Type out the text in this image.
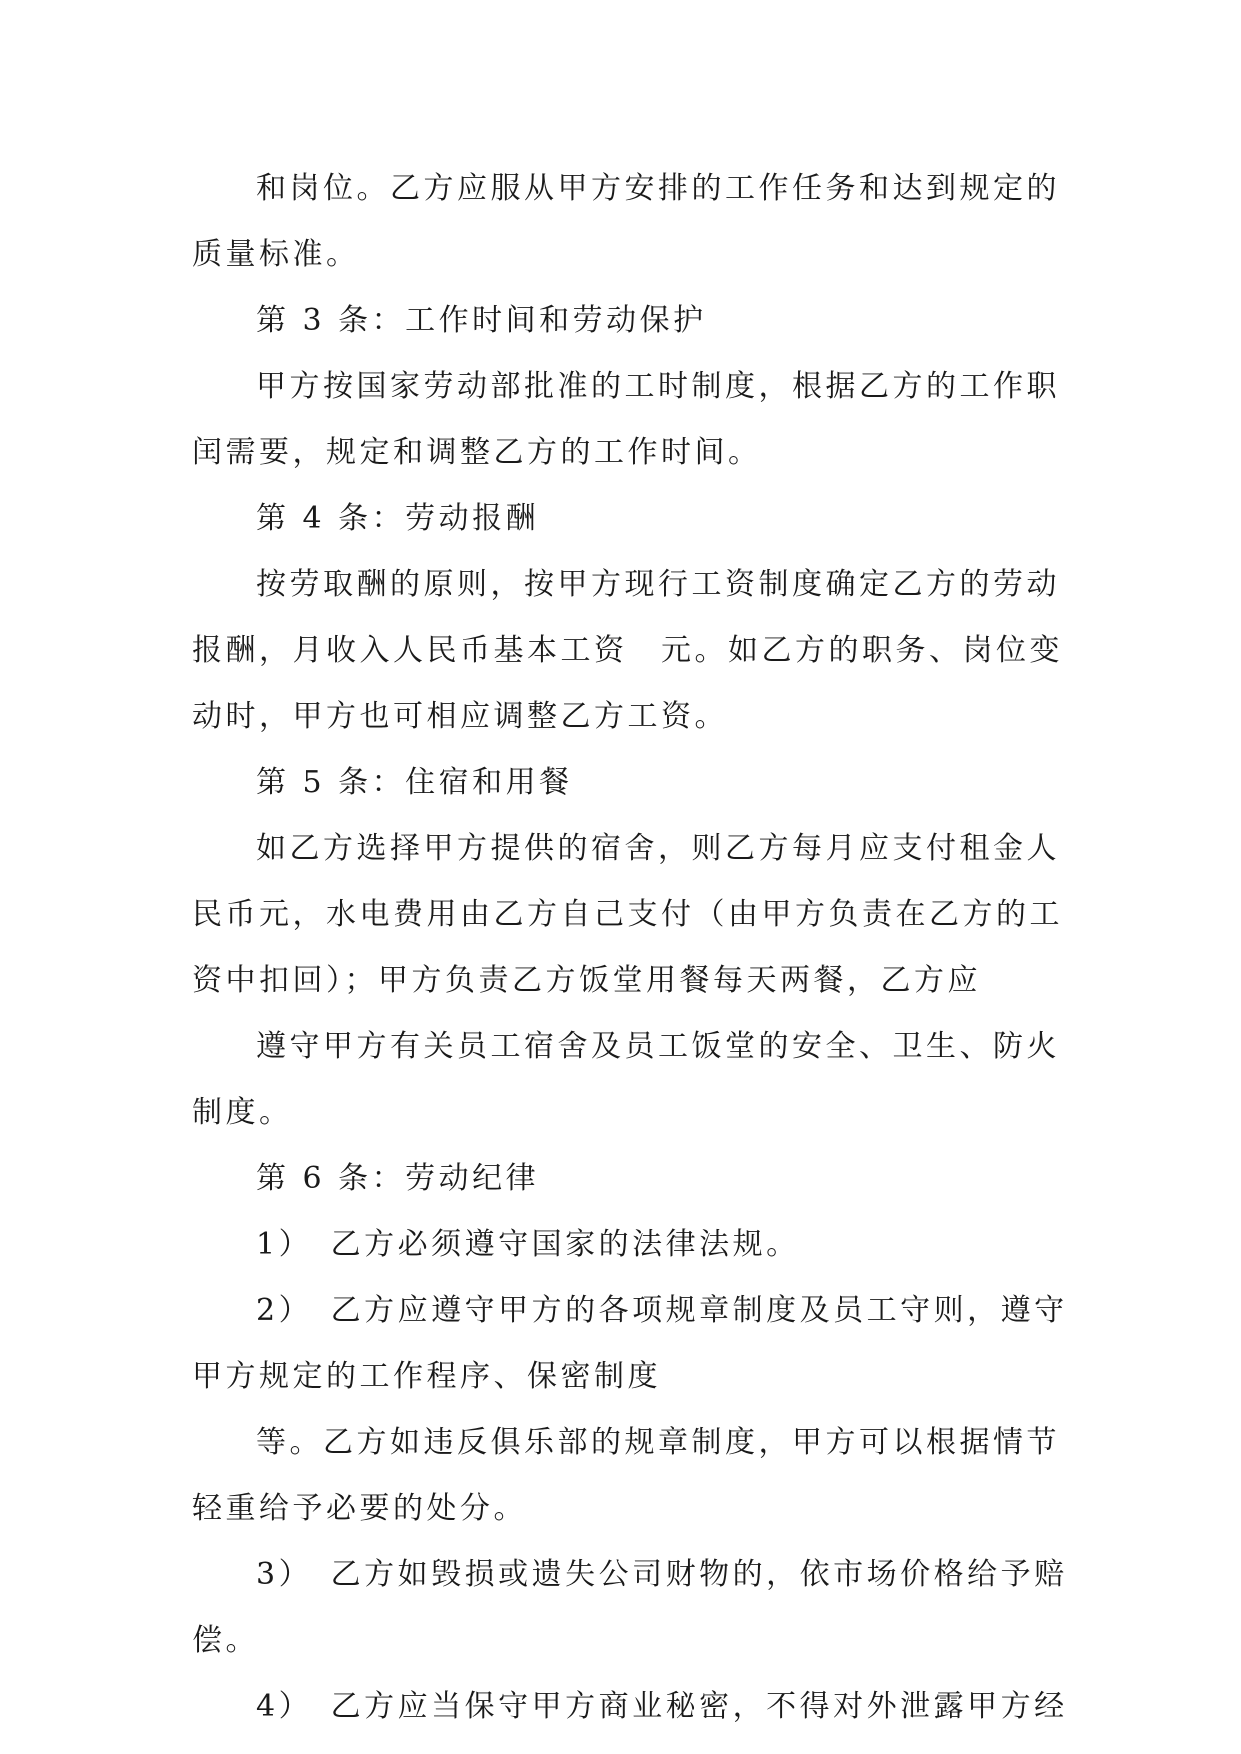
和岗位。乙方应服从甲方安排的工作任务和达到规定的
质量标准。
第 3 条：工作时间和劳动保护
甲方按国家劳动部批准的工时制度，根据乙方的工作职
闰需要，规定和调整乙方的工作时间。
第 4 条：劳动报酬
按劳取酬的原则，按甲方现行工资制度确定乙方的劳动
报酬，月收入人民币基本工资　元。如乙方的职务、岗位变
动时，甲方也可相应调整乙方工资。
第 5 条：住宿和用餐
如乙方选择甲方提供的宿舍，则乙方每月应支付租金人
民币元，水电费用由乙方自己支付（由甲方负责在乙方的工
资中扣回）；甲方负责乙方饭堂用餐每天两餐，乙方应
遵守甲方有关员工宿舍及员工饭堂的安全、卫生、防火
制度。
第 6 条：劳动纪律
1）　乙方必须遵守国家的法律法规。
2）　乙方应遵守甲方的各项规章制度及员工守则，遵守
甲方规定的工作程序、保密制度
等。乙方如违反俱乐部的规章制度，甲方可以根据情节
轻重给予必要的处分。
3）　乙方如毁损或遗失公司财物的，依市场价格给予赔
偿。
4）　乙方应当保守甲方商业秘密，不得对外泄露甲方经
